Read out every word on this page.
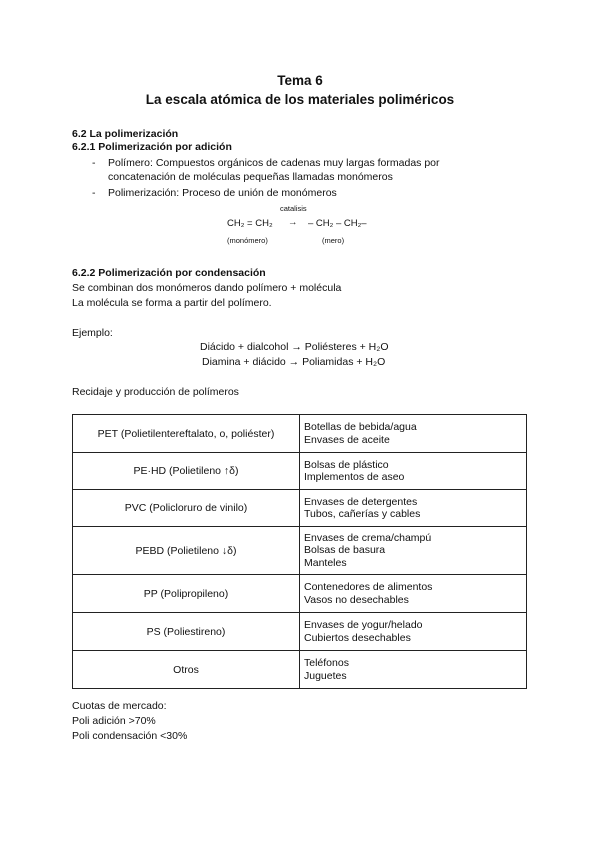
Tema 6
La escala atómica de los materiales poliméricos
6.2 La polimerización
6.2.1 Polimerización por adición
- Polímero: Compuestos orgánicos de cadenas muy largas formadas por
concatenación de moléculas pequeñas llamadas monómeros
- Polimerización: Proceso de unión de monómeros
catalisis
CH₂ = CH₂ → – CH₂ – CH₂–
(monómero)	(mero)
6.2.2 Polimerización por condensación
Se combinan dos monómeros dando polímero + molécula
La molécula se forma a partir del polímero.
Ejemplo:
Diácido + dialcohol → Poliésteres + H₂O
Diamina + diácido → Poliamidas + H₂O
Recidaje y producción de polímeros
PET (Polietilentereftalato, o, poliéster)	Botellas de bebida/agua
Envases de aceite

PE·HD (Polietileno ↑δ)	Bolsas de plástico
Implementos de aseo

PVC (Policloruro de vinilo)	Envases de detergentes
Tubos, cañerías y cables

PEBD (Polietileno ↓δ)	Envases de crema/champú
Bolsas de basura
Manteles

PP (Polipropileno)	Contenedores de alimentos
Vasos no desechables

PS (Poliestireno)	Envases de yogur/helado
Cubiertos desechables

Otros	Teléfonos
Juguetes
Cuotas de mercado:
Poli adición >70%
Poli condensación <30%
